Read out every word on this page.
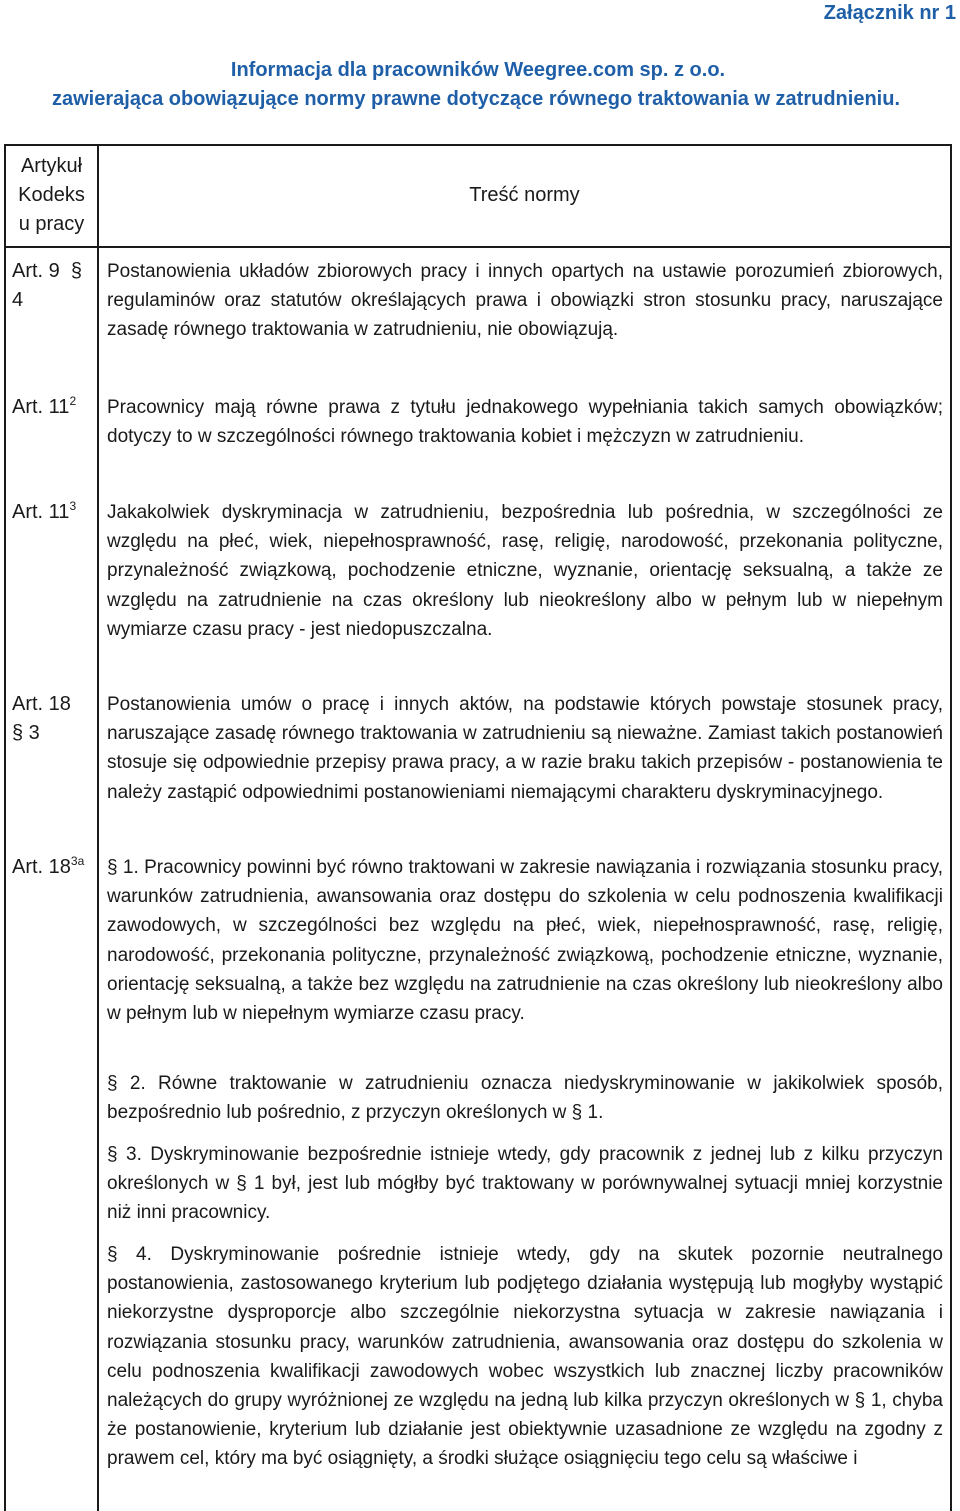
Załącznik nr 1
Informacja dla pracowników Weegree.com sp. z o.o.
zawierająca obowiązujące normy prawne dotyczące równego traktowania w zatrudnieniu.
Artykuł
Kodeks
u pracy
Treść normy
Art. 9 §
4
Postanowienia układów zbiorowych pracy i innych opartych na ustawie porozumień zbiorowych, regulaminów oraz statutów określających prawa i obowiązki stron stosunku pracy, naruszające zasadę równego traktowania w zatrudnieniu, nie obowiązują.
Art. $11^2$ Pracownicy mają równe prawa z tytułu jednakowego wypełniania takich samych obowiązków; dotyczy to w szczególności równego traktowania kobiet i mężczyzn w zatrudnieniu.
Art. $11^3$ Jakakolwiek dyskryminacja w zatrudnieniu, bezpośrednia lub pośrednia, w szczególności ze względu na płeć, wiek, niepełnosprawność, rasę, religię, narodowość, przekonania polityczne, przynależność związkową, pochodzenie etniczne, wyznanie, orientację seksualną, a także ze względu na zatrudnienie na czas określony lub nieokreślony albo w pełnym lub w niepełnym wymiarze czasu pracy - jest niedopuszczalna.
Art. 18
§ 3
Postanowienia umów o pracę i innych aktów, na podstawie których powstaje stosunek pracy, naruszające zasadę równego traktowania w zatrudnieniu są nieważne. Zamiast takich postanowień stosuje się odpowiednie przepisy prawa pracy, a w razie braku takich przepisów - postanowienia te należy zastąpić odpowiednimi postanowieniami niemającymi charakteru dyskryminacyjnego.
Art. $18^{3a}$ § 1. Pracownicy powinni być równo traktowani w zakresie nawiązania i rozwiązania stosunku pracy, warunków zatrudnienia, awansowania oraz dostępu do szkolenia w celu podnoszenia kwalifikacji zawodowych, w szczególności bez względu na płeć, wiek, niepełnosprawność, rasę, religię, narodowość, przekonania polityczne, przynależność związkową, pochodzenie etniczne, wyznanie, orientację seksualną, a także bez względu na zatrudnienie na czas określony lub nieokreślony albo w pełnym lub w niepełnym wymiarze czasu pracy.
§ 2. Równe traktowanie w zatrudnieniu oznacza niedyskryminowanie w jakikolwiek sposób, bezpośrednio lub pośrednio, z przyczyn określonych w § 1.
§ 3. Dyskryminowanie bezpośrednie istnieje wtedy, gdy pracownik z jednej lub z kilku przyczyn określonych w § 1 był, jest lub mógłby być traktowany w porównywalnej sytuacji mniej korzystnie niż inni pracownicy.
§ 4. Dyskryminowanie pośrednie istnieje wtedy, gdy na skutek pozornie neutralnego postanowienia, zastosowanego kryterium lub podjętego działania występują lub mogłyby wystąpić niekorzystne dysproporcje albo szczególnie niekorzystna sytuacja w zakresie nawiązania i rozwiązania stosunku pracy, warunków zatrudnienia, awansowania oraz dostępu do szkolenia w celu podnoszenia kwalifikacji zawodowych wobec wszystkich lub znacznej liczby pracowników należących do grupy wyróżnionej ze względu na jedną lub kilka przyczyn określonych w § 1, chyba że postanowienie, kryterium lub działanie jest obiektywnie uzasadnione ze względu na zgodny z prawem cel, który ma być osiągnięty, a środki służące osiągnięciu tego celu są właściwe i
